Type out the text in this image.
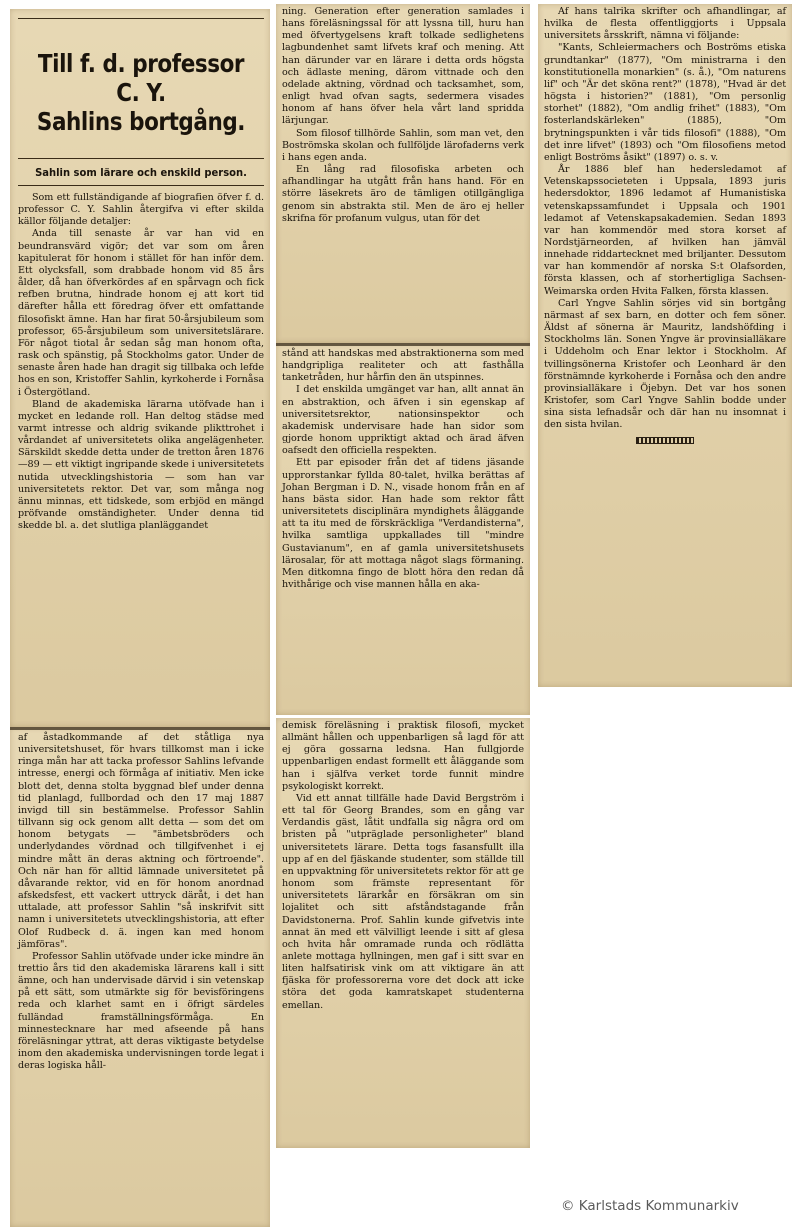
Till f. d. professor C. Y.
Sahlins bortgång.

Sahlin som lärare och enskild person.

Som ett fullständigande af biografien öfver f. d. professor C. Y. Sahlin återgifva vi efter skilda källor följande detaljer:

Anda till senaste år var han vid en beundransvärd vigör; det var som om åren kapitulerat för honom i stället för han inför dem. Ett olycksfall, som drabbade honom vid 85 års ålder, då han öfverkördes af en spårvagn och fick refben brutna, hindrade honom ej att kort tid därefter hålla ett föredrag öfver ett omfattande filosofiskt ämne. Han har firat 50-årsjubileum som professor, 65-årsjubileum som universitetslärare. För något tiotal år sedan såg man honom ofta, rask och spänstig, på Stockholms gator. Under de senaste åren hade han dragit sig tillbaka och lefde hos en son, Kristoffer Sahlin, kyrkoherde i Fornåsa i Östergötland.

Bland de akademiska lärarna utöfvade han i mycket en ledande roll. Han deltog städse med varmt intresse och aldrig svikande plikttrohet i vårdandet af universitetets olika angelägenheter. Särskildt skedde detta under de tretton åren 1876—89 — ett viktigt ingripande skede i universitetets nutida utvecklingshistoria — som han var universitetets rektor. Det var, som många nog ännu minnas, ett tidskede, som erbjöd en mängd pröfvande omständigheter. Under denna tid skedde bl. a. det slutliga planläggandet

af åstadkommande af det ståtliga nya universitetshuset, för hvars tillkomst man i icke ringa mån har att tacka professor Sahlins lefvande intresse, energi och förmåga af initiativ. Men icke blott det, denna stolta byggnad blef under denna tid planlagd, fullbordad och den 17 maj 1887 invigd till sin bestämmelse. Professor Sahlin tillvann sig ock genom allt detta — som det om honom betygats — "ämbetsbröders och underlydandes vördnad och tillgifvenhet i ej mindre mått än deras aktning och förtroende". Och när han för alltid lämnade universitetet på dåvarande rektor, vid en för honom anordnad afskedsfest, ett vackert uttryck däråt, i det han uttalade, att professor Sahlin "så inskrifvit sitt namn i universitetets utvecklingshistoria, att efter Olof Rudbeck d. ä. ingen kan med honom jämföras".

Professor Sahlin utöfvade under icke mindre än trettio års tid den akademiska lärarens kall i sitt ämne, och han undervisade därvid i sin vetenskap på ett sätt, som utmärkte sig för bevisföringens reda och klarhet samt en i öfrigt särdeles fulländad framställningsförmåga. En minnestecknare har med afseende på hans föreläsningar yttrat, att deras viktigaste betydelse inom den akademiska undervisningen torde legat i deras logiska håll-

ning. Generation efter generation samlades i hans föreläsningssal för att lyssna till, huru han med öfvertygelsens kraft tolkade sedlighetens lagbundenhet samt lifvets kraf och mening. Att han därunder var en lärare i detta ords högsta och ädlaste mening, därom vittnade och den odelade aktning, vördnad och tacksamhet, som, enligt hvad ofvan sagts, sedermera visades honom af hans öfver hela vårt land spridda lärjungar.

Som filosof tillhörde Sahlin, som man vet, den Boströmska skolan och fullföljde lärofaderns verk i hans egen anda.

En lång rad filosofiska arbeten och afhandlingar ha utgått från hans hand. För en större läsekrets äro de tämligen otillgängliga genom sin abstrakta stil. Men de äro ej heller skrifna för profanum vulgus, utan för det

stånd att handskas med abstraktionerna som med handgripliga realiteter och att fasthålla tanketråden, hur hårfin den än utspinnes.

I det enskilda umgänget var han, allt annat än en abstraktion, och äfven i sin egenskap af universitetsrektor, nationsinspektor och akademisk undervisare hade han sidor som gjorde honom uppriktigt aktad och ärad äfven oafsedt den officiella respekten.

Ett par episoder från det af tidens jäsande upprorstankar fyllda 80-talet, hvilka berättas af Johan Bergman i D. N., visade honom från en af hans bästa sidor. Han hade som rektor fått universitetets disciplinära myndighets åläggande att ta itu med de förskräckliga "Verdandisterna", hvilka samtliga uppkallades till "mindre Gustavianum", en af gamla universitetshusets lärosalar, för att mottaga något slags förmaning. Men ditkomna fingo de blott höra den redan då hvithårige och vise mannen hålla en aka-

demisk föreläsning i praktisk filosofi, mycket allmänt hållen och uppenbarligen så lagd för att ej göra gossarna ledsna. Han fullgjorde uppenbarligen endast formellt ett åläggande som han i själfva verket torde funnit mindre psykologiskt korrekt.

Vid ett annat tillfälle hade David Bergström i ett tal för Georg Brandes, som en gång var Verdandis gäst, låtit undfalla sig några ord om bristen på "utpräglade personligheter" bland universitetets lärare. Detta togs fasansfullt illa upp af en del fjäskande studenter, som ställde till en uppvaktning för universitetets rektor för att ge honom som främste representant för universitetets lärarkår en försäkran om sin lojalitet och sitt afståndstagande från Davidstonerna. Prof. Sahlin kunde gifvetvis inte annat än med ett välvilligt leende i sitt af glesa och hvita hår omramade runda och rödlätta anlete mottaga hyllningen, men gaf i sitt svar en liten halfsatirisk vink om att viktigare än att fjäska för professorerna vore det dock att icke störa det goda kamratskapet studenterna emellan.

Af hans talrika skrifter och afhandlingar, af hvilka de flesta offentliggjorts i Uppsala universitets årsskrift, nämna vi följande:

"Kants, Schleiermachers och Boströms etiska grundtankar" (1877), "Om ministrarna i den konstitutionella monarkien" (s. å.), "Om naturens lif" och "Är det sköna rent?" (1878), "Hvad är det högsta i historien?" (1881), "Om personlig storhet" (1882), "Om andlig frihet" (1883), "Om fosterlandskärleken" (1885), "Om brytningspunkten i vår tids filosofi" (1888), "Om det inre lifvet" (1893) och "Om filosofiens metod enligt Boströms åsikt" (1897) o. s. v.

År 1886 blef han hedersledamot af Vetenskapssocieteten i Uppsala, 1893 juris hedersdoktor, 1896 ledamot af Humanistiska vetenskapssamfundet i Uppsala och 1901 ledamot af Vetenskapsakademien. Sedan 1893 var han kommendör med stora korset af Nordstjärneorden, af hvilken han jämväl innehade riddartecknet med briljanter. Dessutom var han kommendör af norska S:t Olafsorden, första klassen, och af storhertigliga Sachsen-Weimarska orden Hvita Falken, första klassen.

Carl Yngve Sahlin sörjes vid sin bortgång närmast af sex barn, en dotter och fem söner. Äldst af sönerna är Mauritz, landshöfding i Stockholms län. Sonen Yngve är provinsialläkare i Uddeholm och Enar lektor i Stockholm. Af tvillingsönerna Kristofer och Leonhard är den förstnämnde kyrkoherde i Fornåsa och den andre provinsialläkare i Öjebyn. Det var hos sonen Kristofer, som Carl Yngve Sahlin bodde under sina sista lefnadsår och där han nu insomnat i den sista hvilan.

© Karlstads Kommunarkiv
